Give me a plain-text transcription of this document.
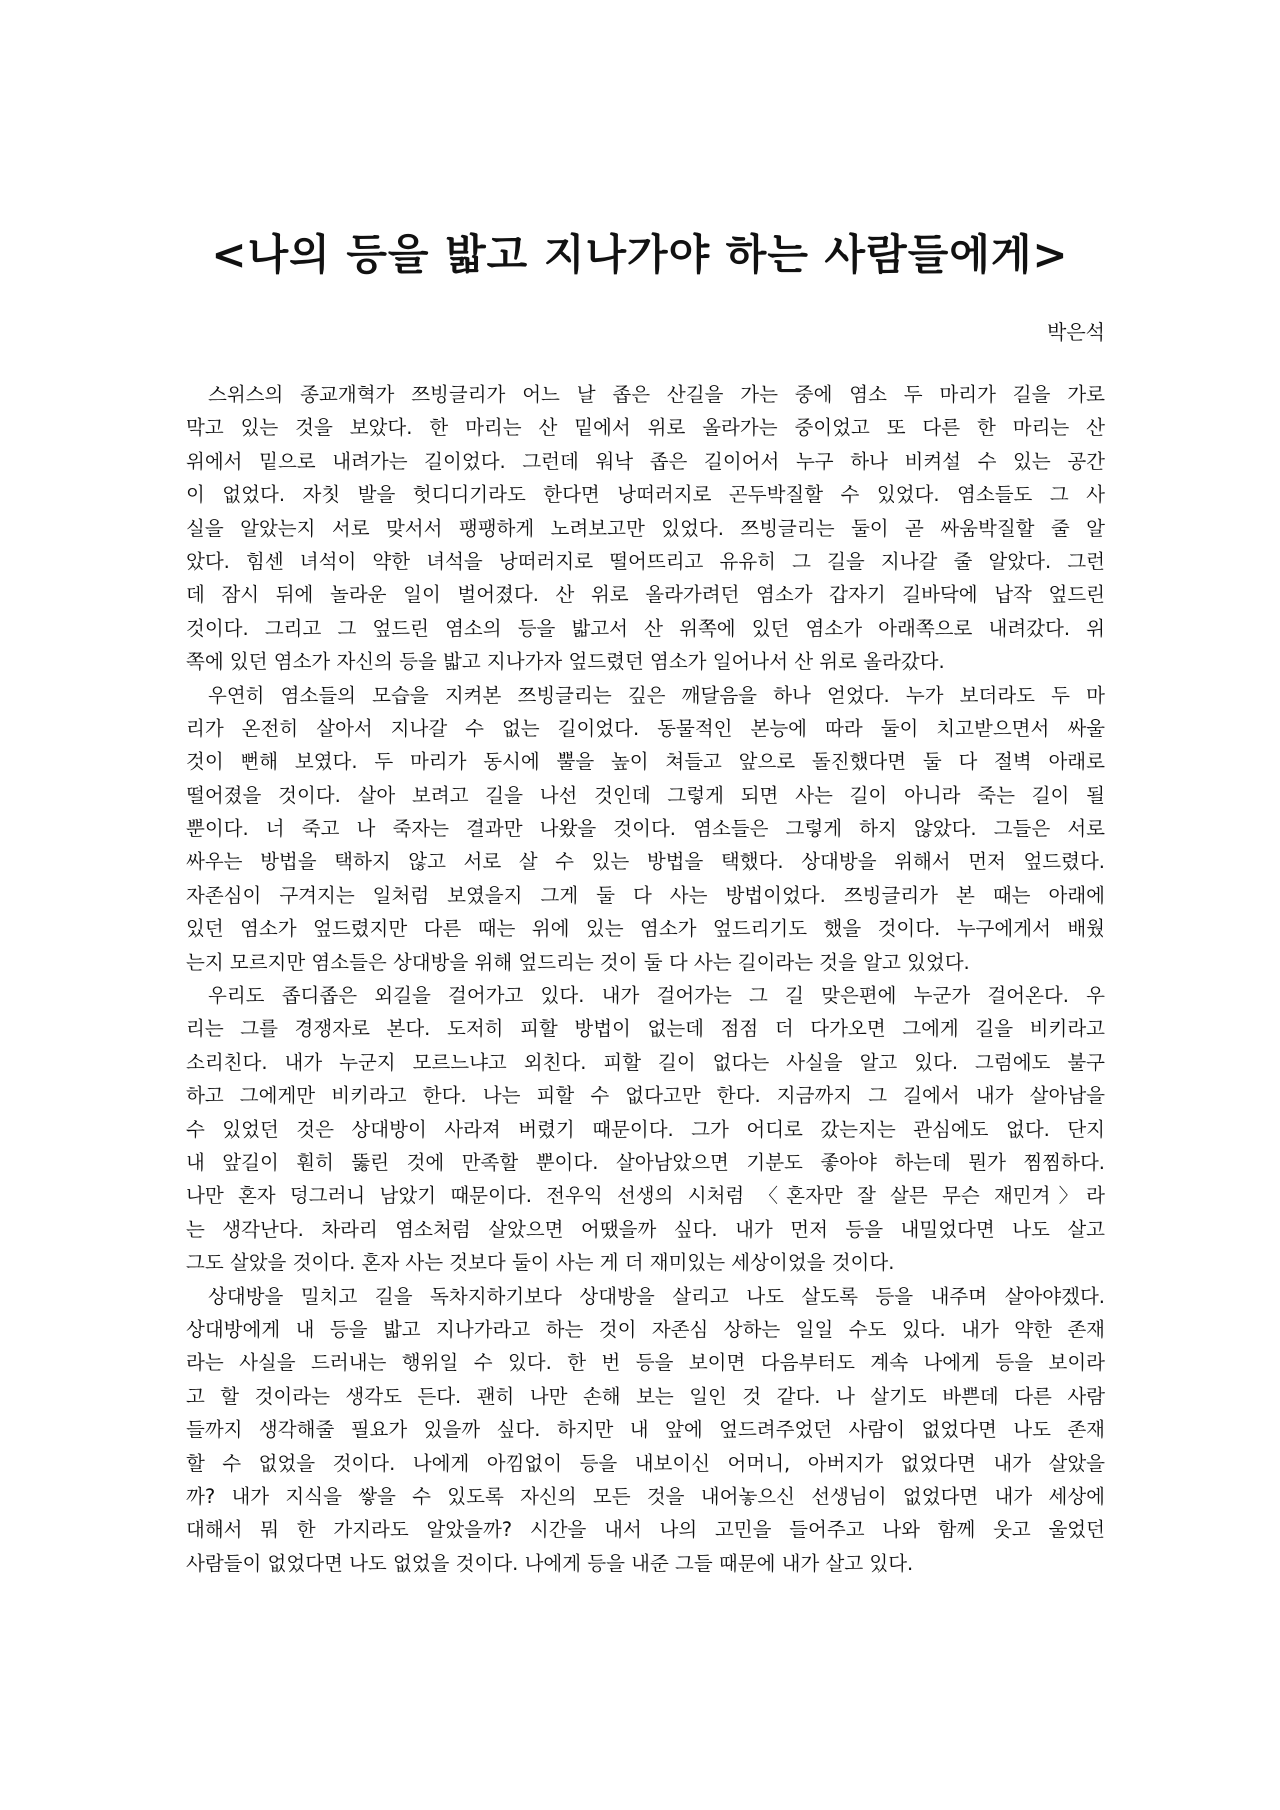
<나의 등을 밟고 지나가야 하는 사람들에게>
박은석
스위스의 종교개혁가 쯔빙글리가 어느 날 좁은 산길을 가는 중에 염소 두 마리가 길을 가로
막고 있는 것을 보았다. 한 마리는 산 밑에서 위로 올라가는 중이었고 또 다른 한 마리는 산
위에서 밑으로 내려가는 길이었다. 그런데 워낙 좁은 길이어서 누구 하나 비켜설 수 있는 공간
이 없었다. 자칫 발을 헛디디기라도 한다면 낭떠러지로 곤두박질할 수 있었다. 염소들도 그 사
실을 알았는지 서로 맞서서 팽팽하게 노려보고만 있었다. 쯔빙글리는 둘이 곧 싸움박질할 줄 알
았다. 힘센 녀석이 약한 녀석을 낭떠러지로 떨어뜨리고 유유히 그 길을 지나갈 줄 알았다. 그런
데 잠시 뒤에 놀라운 일이 벌어졌다. 산 위로 올라가려던 염소가 갑자기 길바닥에 납작 엎드린
것이다. 그리고 그 엎드린 염소의 등을 밟고서 산 위쪽에 있던 염소가 아래쪽으로 내려갔다. 위
쪽에 있던 염소가 자신의 등을 밟고 지나가자 엎드렸던 염소가 일어나서 산 위로 올라갔다.
우연히 염소들의 모습을 지켜본 쯔빙글리는 깊은 깨달음을 하나 얻었다. 누가 보더라도 두 마
리가 온전히 살아서 지나갈 수 없는 길이었다. 동물적인 본능에 따라 둘이 치고받으면서 싸울
것이 뻔해 보였다. 두 마리가 동시에 뿔을 높이 쳐들고 앞으로 돌진했다면 둘 다 절벽 아래로
떨어졌을 것이다. 살아 보려고 길을 나선 것인데 그렇게 되면 사는 길이 아니라 죽는 길이 될
뿐이다. 너 죽고 나 죽자는 결과만 나왔을 것이다. 염소들은 그렇게 하지 않았다. 그들은 서로
싸우는 방법을 택하지 않고 서로 살 수 있는 방법을 택했다. 상대방을 위해서 먼저 엎드렸다.
자존심이 구겨지는 일처럼 보였을지 그게 둘 다 사는 방법이었다. 쯔빙글리가 본 때는 아래에
있던 염소가 엎드렸지만 다른 때는 위에 있는 염소가 엎드리기도 했을 것이다. 누구에게서 배웠
는지 모르지만 염소들은 상대방을 위해 엎드리는 것이 둘 다 사는 길이라는 것을 알고 있었다.
우리도 좁디좁은 외길을 걸어가고 있다. 내가 걸어가는 그 길 맞은편에 누군가 걸어온다. 우
리는 그를 경쟁자로 본다. 도저히 피할 방법이 없는데 점점 더 다가오면 그에게 길을 비키라고
소리친다. 내가 누군지 모르느냐고 외친다. 피할 길이 없다는 사실을 알고 있다. 그럼에도 불구
하고 그에게만 비키라고 한다. 나는 피할 수 없다고만 한다. 지금까지 그 길에서 내가 살아남을
수 있었던 것은 상대방이 사라져 버렸기 때문이다. 그가 어디로 갔는지는 관심에도 없다. 단지
내 앞길이 훤히 뚫린 것에 만족할 뿐이다. 살아남았으면 기분도 좋아야 하는데 뭔가 찜찜하다.
나만 혼자 덩그러니 남았기 때문이다. 전우익 선생의 시처럼 〈혼자만 잘 살믄 무슨 재민겨〉라
는 생각난다. 차라리 염소처럼 살았으면 어땠을까 싶다. 내가 먼저 등을 내밀었다면 나도 살고
그도 살았을 것이다. 혼자 사는 것보다 둘이 사는 게 더 재미있는 세상이었을 것이다.
상대방을 밀치고 길을 독차지하기보다 상대방을 살리고 나도 살도록 등을 내주며 살아야겠다.
상대방에게 내 등을 밟고 지나가라고 하는 것이 자존심 상하는 일일 수도 있다. 내가 약한 존재
라는 사실을 드러내는 행위일 수 있다. 한 번 등을 보이면 다음부터도 계속 나에게 등을 보이라
고 할 것이라는 생각도 든다. 괜히 나만 손해 보는 일인 것 같다. 나 살기도 바쁜데 다른 사람
들까지 생각해줄 필요가 있을까 싶다. 하지만 내 앞에 엎드려주었던 사람이 없었다면 나도 존재
할 수 없었을 것이다. 나에게 아낌없이 등을 내보이신 어머니, 아버지가 없었다면 내가 살았을
까? 내가 지식을 쌓을 수 있도록 자신의 모든 것을 내어놓으신 선생님이 없었다면 내가 세상에
대해서 뭐 한 가지라도 알았을까? 시간을 내서 나의 고민을 들어주고 나와 함께 웃고 울었던
사람들이 없었다면 나도 없었을 것이다. 나에게 등을 내준 그들 때문에 내가 살고 있다.
